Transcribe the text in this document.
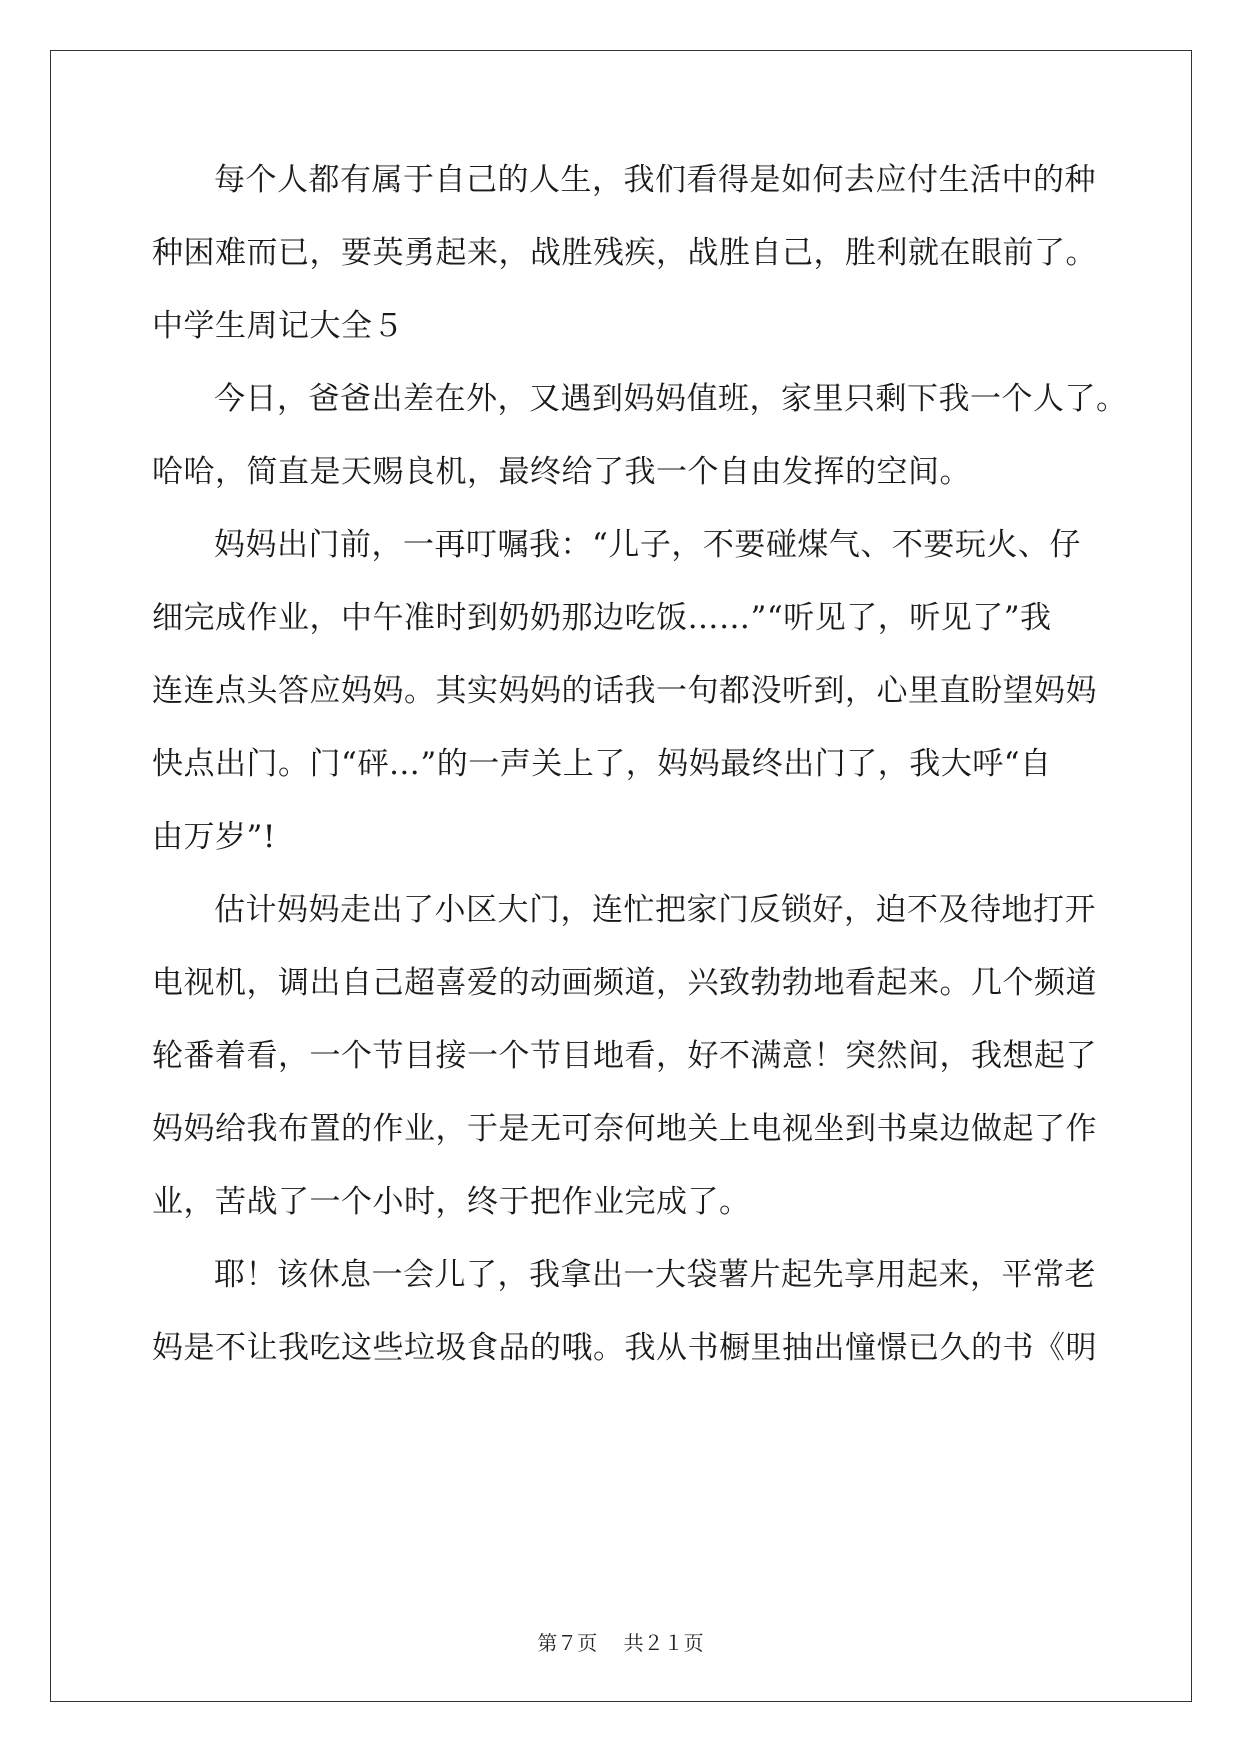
每个人都有属于自己的人生，我们看得是如何去应付生活中的种
种困难而已，要英勇起来，战胜残疾，战胜自己，胜利就在眼前了。
中学生周记大全５
今日，爸爸出差在外，又遇到妈妈值班，家里只剩下我一个人了。
哈哈，简直是天赐良机，最终给了我一个自由发挥的空间。
妈妈出门前，一再叮嘱我：“儿子，不要碰煤气、不要玩火、仔
细完成作业，中午准时到奶奶那边吃饭……”“听见了，听见了”我
连连点头答应妈妈。其实妈妈的话我一句都没听到，心里直盼望妈妈
快点出门。门“砰…”的一声关上了，妈妈最终出门了，我大呼“自
由万岁”!
估计妈妈走出了小区大门，连忙把家门反锁好，迫不及待地打开
电视机，调出自己超喜爱的动画频道，兴致勃勃地看起来。几个频道
轮番着看，一个节目接一个节目地看，好不满意！突然间，我想起了
妈妈给我布置的作业，于是无可奈何地关上电视坐到书桌边做起了作
业，苦战了一个小时，终于把作业完成了。
耶！该休息一会儿了，我拿出一大袋薯片起先享用起来，平常老
妈是不让我吃这些垃圾食品的哦。我从书橱里抽出憧憬已久的书《明
第７页 共２１页
